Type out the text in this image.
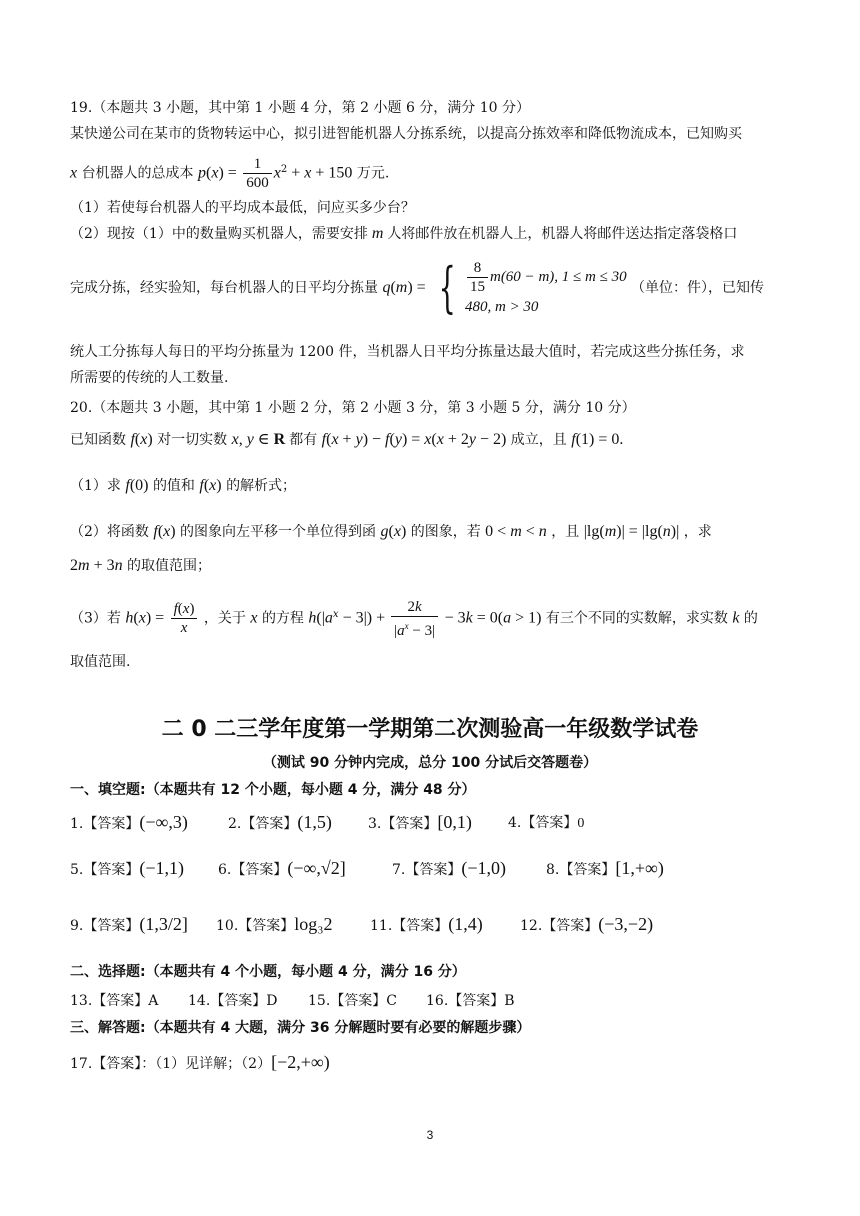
19.（本题共 3 小题，其中第 1 小题 4 分，第 2 小题 6 分，满分 10 分）
某快递公司在某市的货物转运中心，拟引进智能机器人分拣系统，以提高分拣效率和降低物流成本，已知购买
x 台机器人的总成本 $p(x) = \frac{1}{600} x^2 + x + 150$ 万元.
（1）若使每台机器人的平均成本最低，问应买多少台？
（2）现按（1）中的数量购买机器人，需要安排 m 人将邮件放在机器人上，机器人将邮件送达指定落袋格口
完成分拣，经实验知，每台机器人的日平均分拣量 q(m) = { $\frac{8}{15} m(60 - m)$, 1 ≤ m ≤ 30
480, m > 30
（单位：件），已知传
统人工分拣每人每日的平均分拣量为 1200 件，当机器人日平均分拣量达最大值时，若完成这些分拣任务，求
所需要的传统的人工数量.
20.（本题共 3 小题，其中第 1 小题 2 分，第 2 小题 3 分，第 3 小题 5 分，满分 10 分）
已知函数 f(x) 对一切实数 x, y ∈ R 都有 f(x + y) − f(y) = x(x + 2y − 2) 成立，且 f(1) = 0.
（1）求 f(0) 的值和 f(x) 的解析式；
（2）将函数 f(x) 的图象向左平移一个单位得到函 g(x) 的图象，若 0 < m < n ，且 |lg(m)| = |lg(n)| ，求
2m + 3n 的取值范围；
（3）若 $h(x) = \frac{f(x)}{x}$ ，关于 x 的方程 $h(|a^x - 3|) + \frac{2k}{|a^x - 3|} - 3k = 0(a > 1)$ 有三个不同的实数解，求实数 k 的
取值范围.
二 0 二三学年度第一学期第二次测验高一年级数学试卷
（测试 90 分钟内完成，总分 100 分试后交答题卷）
一、填空题:（本题共有 12 个小题，每小题 4 分，满分 48 分）
1.【答案】(−∞,3)	2.【答案】(1,5)	3.【答案】[0,1)	4.【答案】0
5.【答案】(−1,1) 6.【答案】(−∞,√2]	7.【答案】(−1,0)	8.【答案】[1,+∞)
9.【答案】(1,3/2] 10.【答案】log₃2	11.【答案】(1,4)	12.【答案】(−3,−2)
二、选择题:（本题共有 4 个小题，每小题 4 分，满分 16 分）
13.【答案】A 14.【答案】D 15.【答案】C 16.【答案】B
三、解答题:（本题共有 4 大题，满分 36 分解题时要有必要的解题步骤）
17.【答案】：（1）见详解；（2）[−2,+∞)
3
